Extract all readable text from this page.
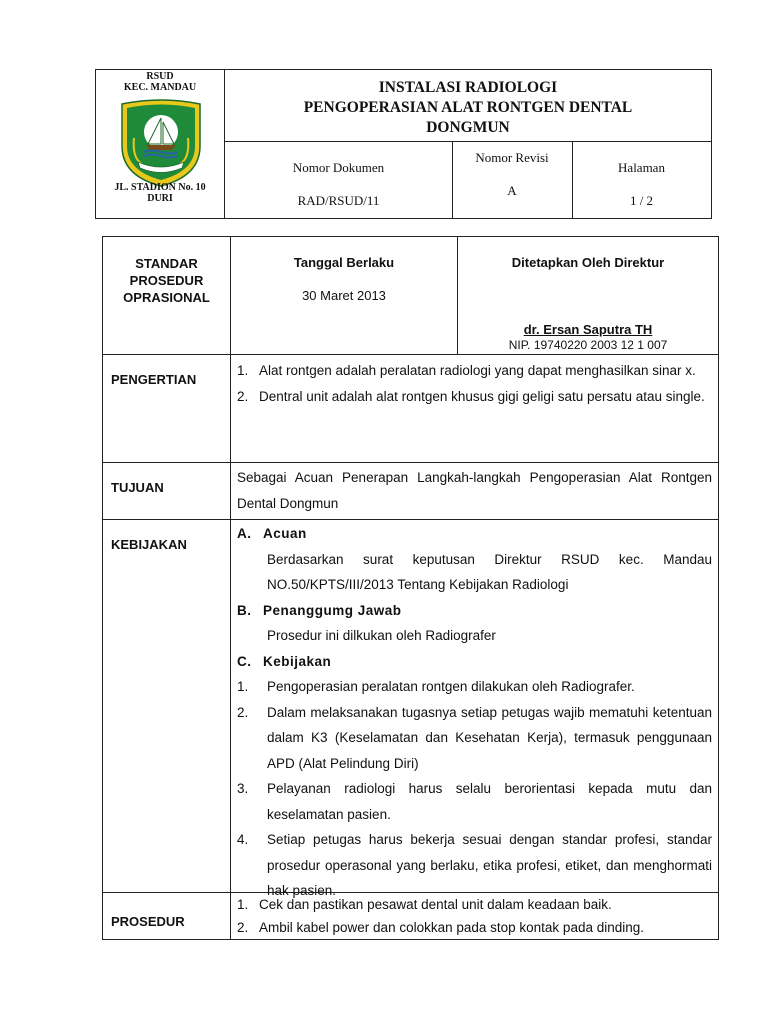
RSUD
KEC. MANDAU
JL. STADION No. 10
DURI
INSTALASI RADIOLOGI
PENGOPERASIAN ALAT RONTGEN DENTAL
DONGMUN
Nomor Dokumen
RAD/RSUD/11
Nomor Revisi
A
Halaman
1 / 2
STANDAR
PROSEDUR
OPRASIONAL
Tanggal Berlaku
30 Maret 2013
Ditetapkan Oleh Direktur
dr. Ersan Saputra TH
NIP. 19740220 2003 12 1 007
PENGERTIAN
1. Alat rontgen adalah peralatan radiologi yang dapat menghasilkan sinar x.
2. Dentral unit adalah alat rontgen khusus gigi geligi satu persatu atau single.
TUJUAN
Sebagai Acuan Penerapan Langkah-langkah Pengoperasian Alat Rontgen Dental Dongmun
KEBIJAKAN
A. Acuan
Berdasarkan surat keputusan Direktur RSUD kec. Mandau NO.50/KPTS/III/2013 Tentang Kebijakan Radiologi
B. Penanggumg Jawab
Prosedur ini dilkukan oleh Radiografer
C. Kebijakan
1. Pengoperasian peralatan rontgen dilakukan oleh Radiografer.
2. Dalam melaksanakan tugasnya setiap petugas wajib mematuhi ketentuan dalam K3 (Keselamatan dan Kesehatan Kerja), termasuk penggunaan APD (Alat Pelindung Diri)
3. Pelayanan radiologi harus selalu berorientasi kepada mutu dan keselamatan pasien.
4. Setiap petugas harus bekerja sesuai dengan standar profesi, standar prosedur operasonal yang berlaku, etika profesi, etiket, dan menghormati hak pasien.
PROSEDUR
1. Cek dan pastikan pesawat dental unit dalam keadaan baik.
2. Ambil kabel power dan colokkan pada stop kontak pada dinding.
